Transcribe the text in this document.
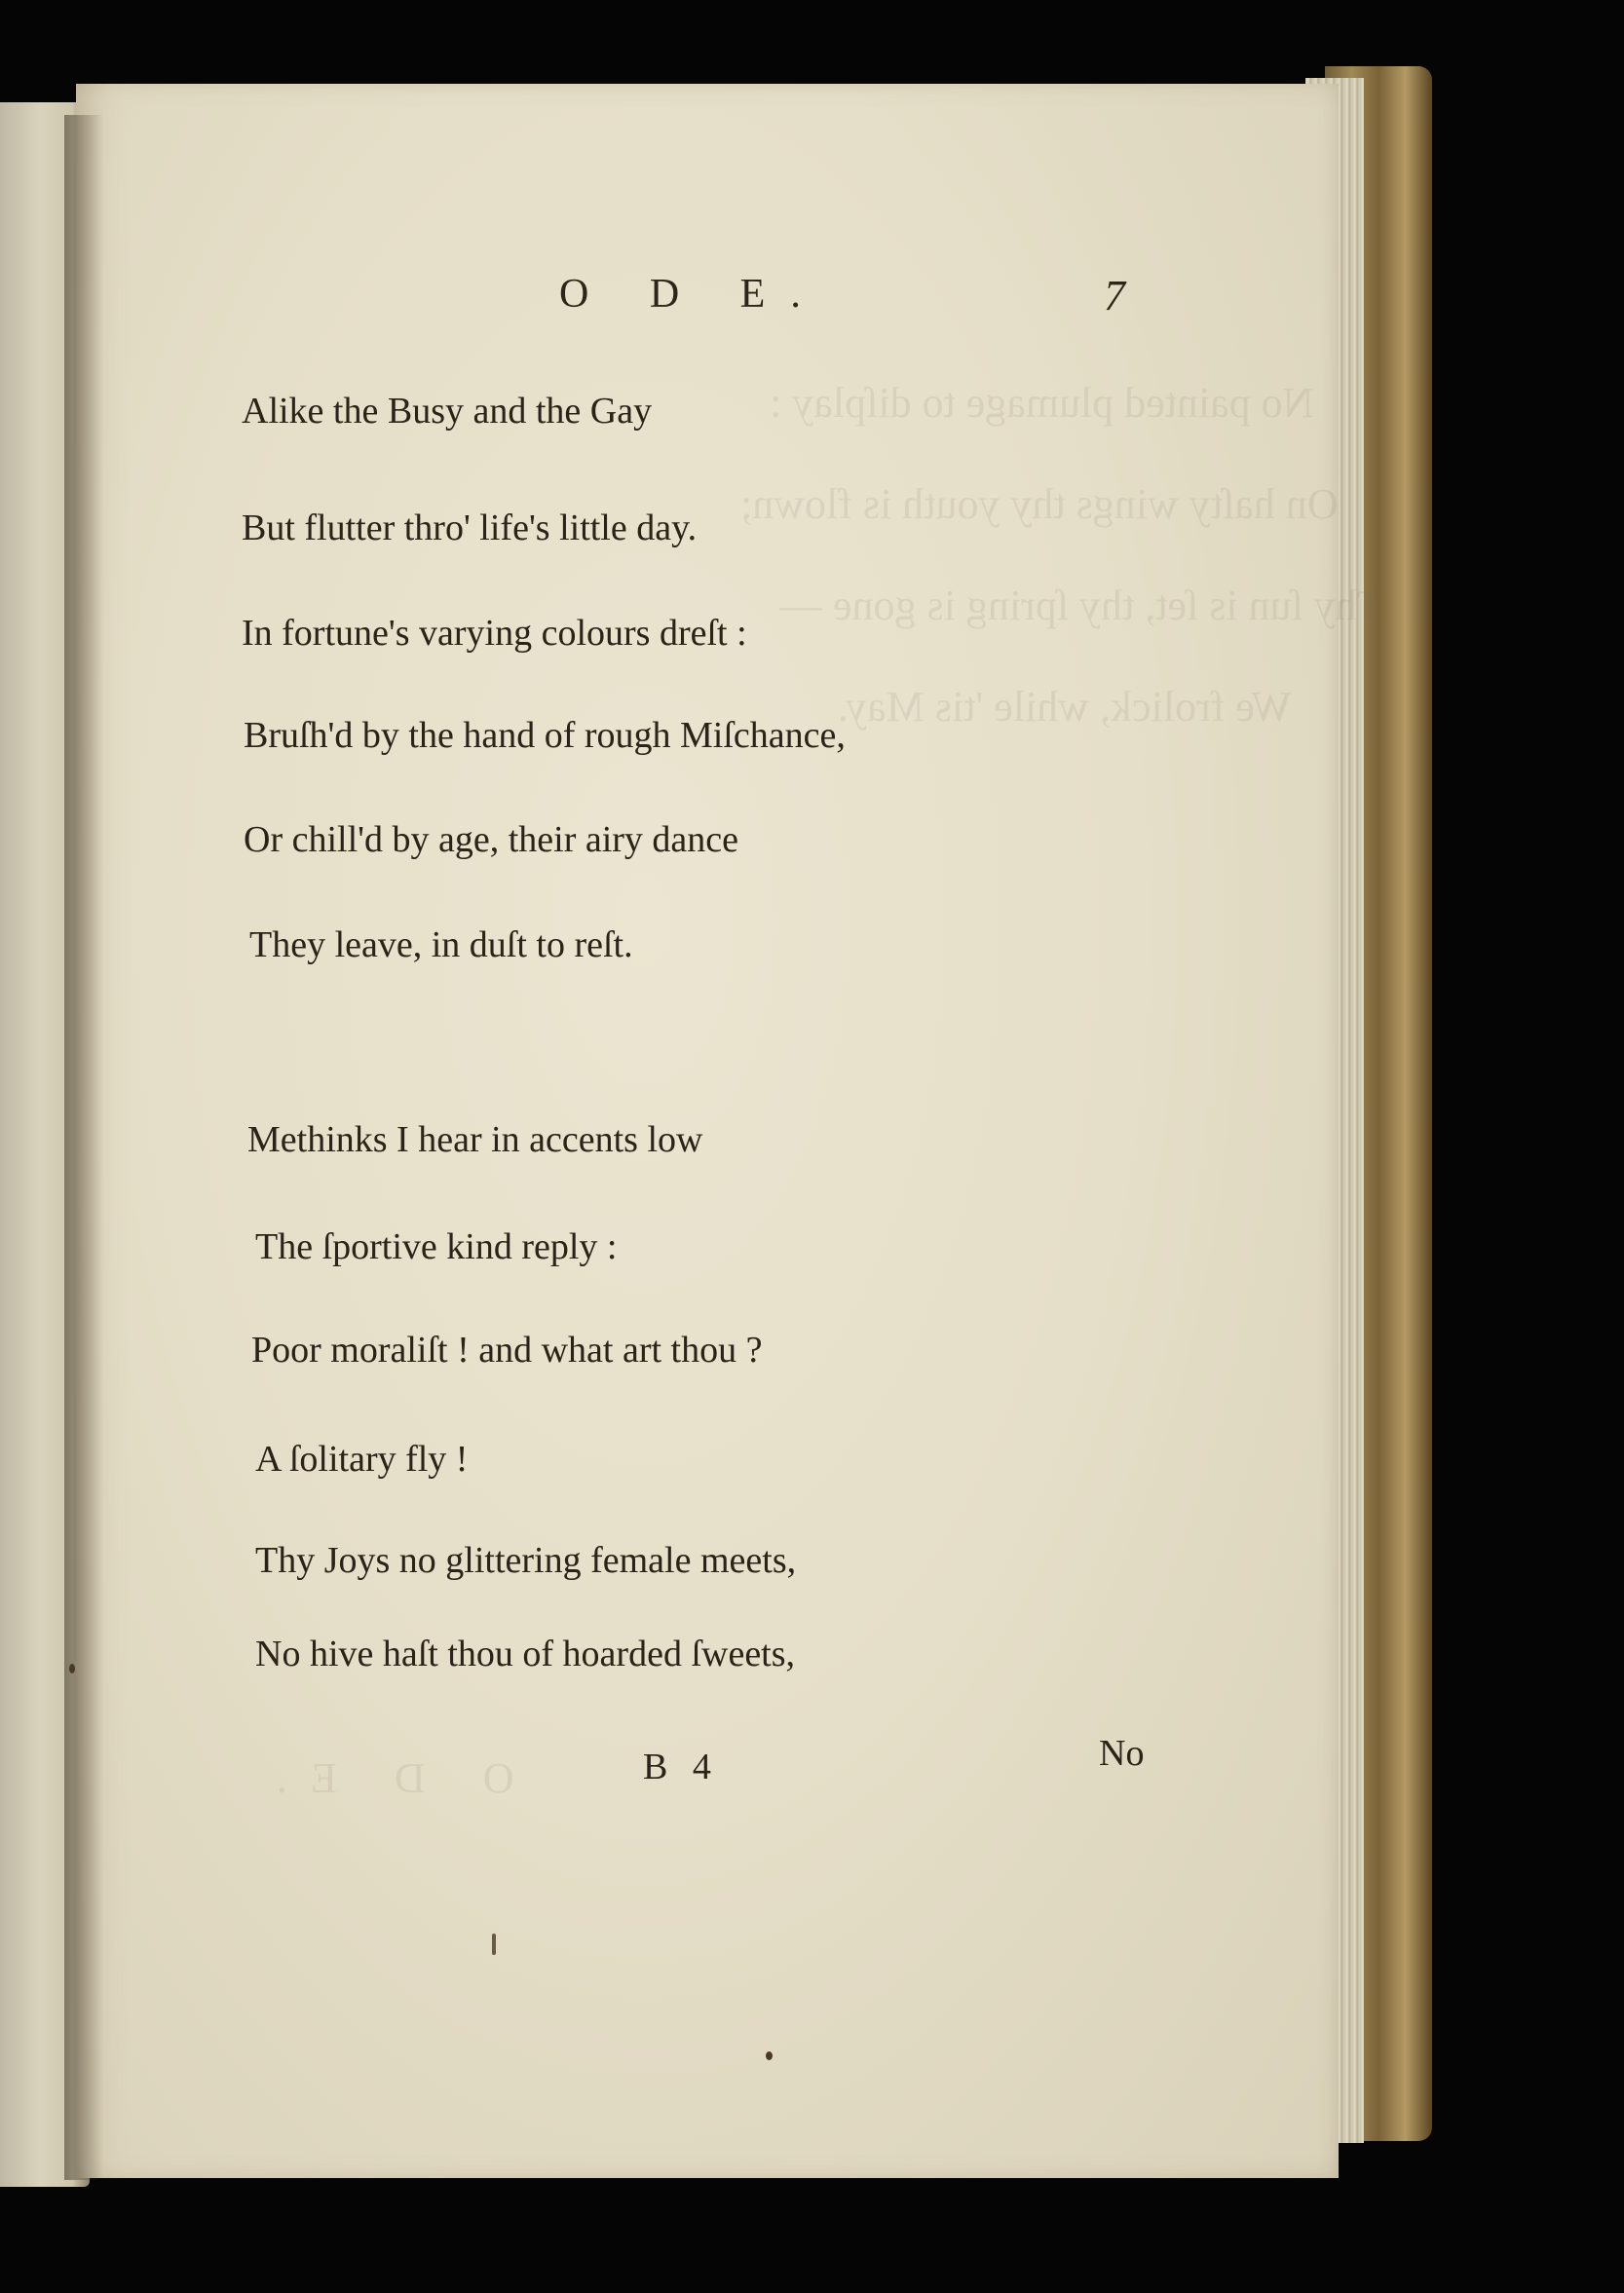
No painted plumage to diſplay :
On haſty wings thy youth is flown;
Thy ſun is ſet, thy ſpring is gone —
We frolick, while 'tis May.
O D E.
O D E.	7
Alike the Busy and the Gay
But flutter thro' life's little day.
In fortune's varying colours dreſt :
Bruſh'd by the hand of rough Miſchance,
Or chill'd by age, their airy dance
They leave, in duſt to reſt.
Methinks I hear in accents low
The ſportive kind reply :
Poor moraliſt ! and what art thou ?
A ſolitary fly !
Thy Joys no glittering female meets,
No hive haſt thou of hoarded ſweets,
B 4	No
